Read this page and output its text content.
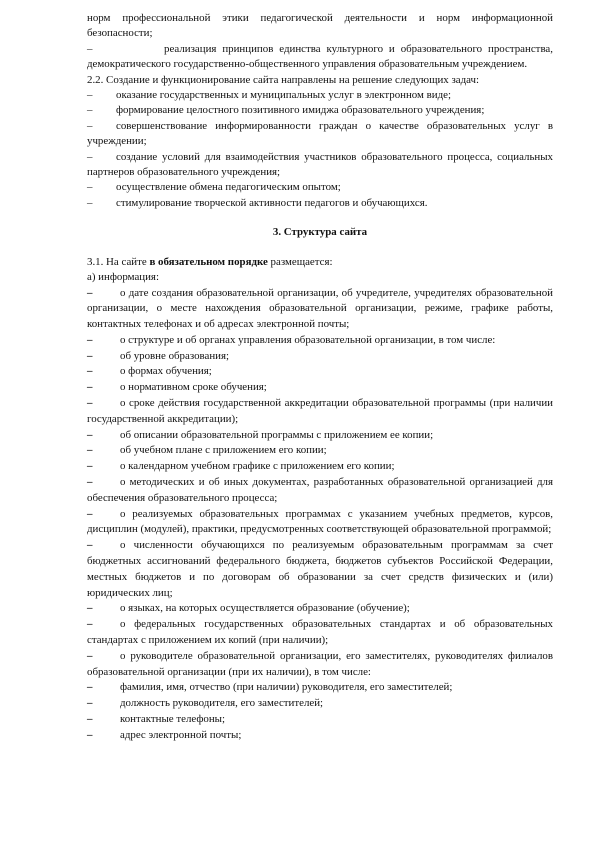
норм профессиональной этики педагогической деятельности и норм информационной безопасности;

–	реализация принципов единства культурного и образовательного пространства, демократического государственно-общественного управления образовательным учреждением.

2.2. Создание и функционирование сайта направлены на решение следующих задач:

– оказание государственных и муниципальных услуг в электронном виде;

– формирование целостного позитивного имиджа образовательного учреждения;

– совершенствование информированности граждан о качестве образовательных услуг в учреждении;

– создание условий для взаимодействия участников образовательного процесса, социальных партнеров образовательного учреждения;

– осуществление обмена педагогическим опытом;

– стимулирование творческой активности педагогов и обучающихся.

3. Структура сайта

3.1. На сайте в обязательном порядке размещается:

а) информация:

–	о дате создания образовательной организации, об учредителе, учредителях образовательной организации, о месте нахождения образовательной организации, режиме, графике работы, контактных телефонах и об адресах электронной почты;

–	о структуре и об органах управления образовательной организации, в том числе:

–	об уровне образования;

–	о формах обучения;

–	о нормативном сроке обучения;

–	о сроке действия государственной аккредитации образовательной программы (при наличии государственной аккредитации);

–	об описании образовательной программы с приложением ее копии;

–	об учебном плане с приложением его копии;

–	о календарном учебном графике с приложением его копии;

–	о методических и об иных документах, разработанных образовательной организацией для обеспечения образовательного процесса;

–	о реализуемых образовательных программах с указанием учебных предметов, курсов, дисциплин (модулей), практики, предусмотренных соответствующей образовательной программой;

–	о численности обучающихся по реализуемым образовательным программам за счет бюджетных ассигнований федерального бюджета, бюджетов субъектов Российской Федерации, местных бюджетов и по договорам об образовании за счет средств физических и (или) юридических лиц;

–	о языках, на которых осуществляется образование (обучение);

–	о федеральных государственных образовательных стандартах и об образовательных стандартах с приложением их копий (при наличии);

–	о руководителе образовательной организации, его заместителях, руководителях филиалов образовательной организации (при их наличии), в том числе:

–	фамилия, имя, отчество (при наличии) руководителя, его заместителей;

–	должность руководителя, его заместителей;

–	контактные телефоны;

–	адрес электронной почты;
